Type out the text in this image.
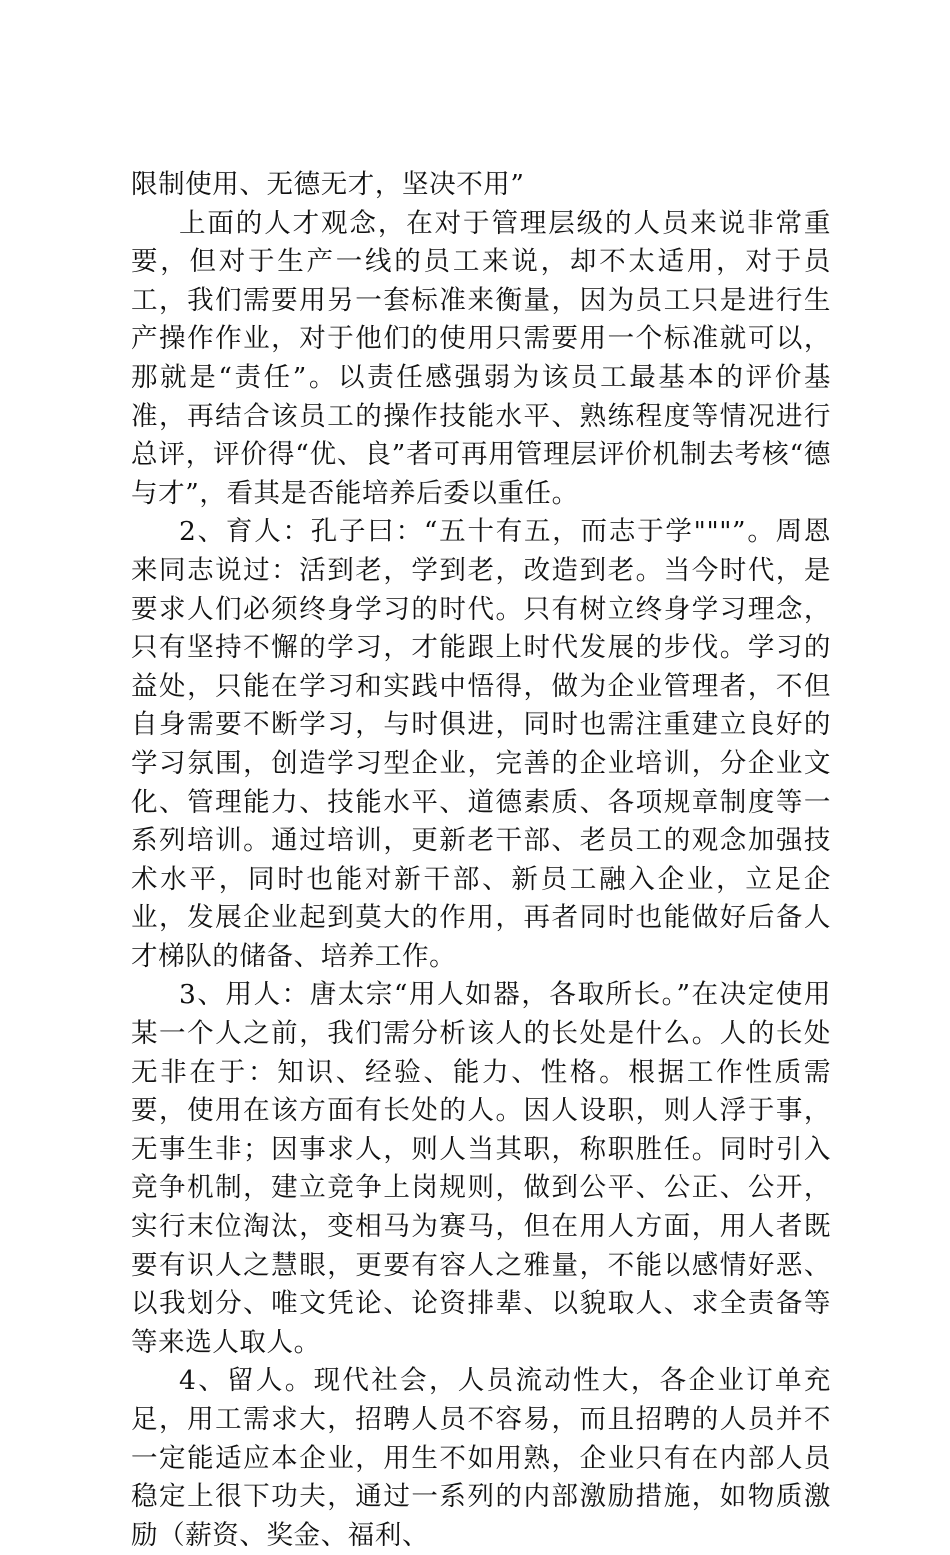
限制使用、无德无才，坚决不用”

上面的人才观念，在对于管理层级的人员来说非常重要，但对于生产一线的员工来说，却不太适用，对于员工，我们需要用另一套标准来衡量，因为员工只是进行生产操作作业，对于他们的使用只需要用一个标准就可以，那就是“责任”。以责任感强弱为该员工最基本的评价基准，再结合该员工的操作技能水平、熟练程度等情况进行总评，评价得“优、良”者可再用管理层评价机制去考核“德与才”，看其是否能培养后委以重任。

2、育人：孔子曰：“五十有五，而志于学"""”。周恩来同志说过：活到老，学到老，改造到老。当今时代，是要求人们必须终身学习的时代。只有树立终身学习理念，只有坚持不懈的学习，才能跟上时代发展的步伐。学习的益处，只能在学习和实践中悟得，做为企业管理者，不但自身需要不断学习，与时俱进，同时也需注重建立良好的学习氛围，创造学习型企业，完善的企业培训，分企业文化、管理能力、技能水平、道德素质、各项规章制度等一系列培训。通过培训，更新老干部、老员工的观念加强技术水平，同时也能对新干部、新员工融入企业，立足企业，发展企业起到莫大的作用，再者同时也能做好后备人才梯队的储备、培养工作。

3、用人：唐太宗“用人如器，各取所长。”在决定使用某一个人之前，我们需分析该人的长处是什么。人的长处无非在于：知识、经验、能力、性格。根据工作性质需要，使用在该方面有长处的人。因人设职，则人浮于事，无事生非；因事求人，则人当其职，称职胜任。同时引入竞争机制，建立竞争上岗规则，做到公平、公正、公开，实行末位淘汰，变相马为赛马，但在用人方面，用人者既要有识人之慧眼，更要有容人之雅量，不能以感情好恶、以我划分、唯文凭论、论资排辈、以貌取人、求全责备等等来选人取人。

4、留人。现代社会，人员流动性大，各企业订单充足，用工需求大，招聘人员不容易，而且招聘的人员并不一定能适应本企业，用生不如用熟，企业只有在内部人员稳定上很下功夫，通过一系列的内部激励措施，如物质激励（薪资、奖金、福利、
